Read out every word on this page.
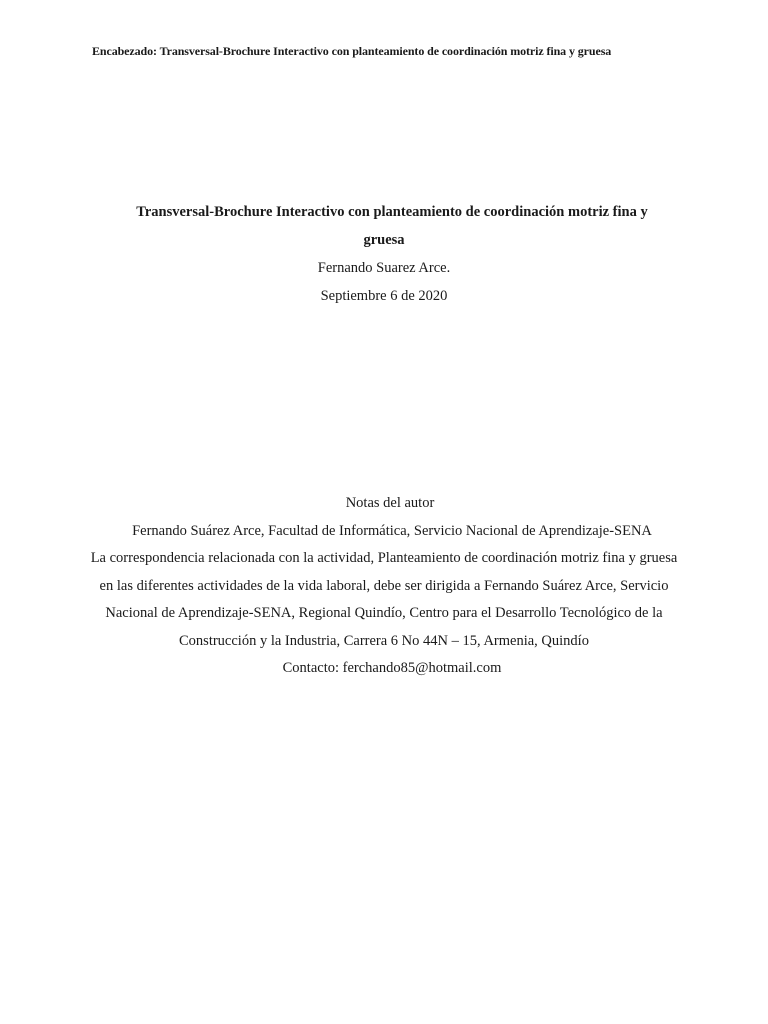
Encabezado: Transversal-Brochure Interactivo con planteamiento de coordinación motriz fina y gruesa
Transversal-Brochure Interactivo con planteamiento de coordinación motriz fina y
gruesa
Fernando Suarez Arce.
Septiembre 6 de 2020
Notas del autor
Fernando Suárez Arce, Facultad de Informática, Servicio Nacional de Aprendizaje-SENA
La correspondencia relacionada con la actividad, Planteamiento de coordinación motriz fina y gruesa en las diferentes actividades de la vida laboral, debe ser dirigida a Fernando Suárez Arce, Servicio Nacional de Aprendizaje-SENA, Regional Quindío, Centro para el Desarrollo Tecnológico de la Construcción y la Industria, Carrera 6 No 44N – 15, Armenia, Quindío
Contacto: ferchando85@hotmail.com
